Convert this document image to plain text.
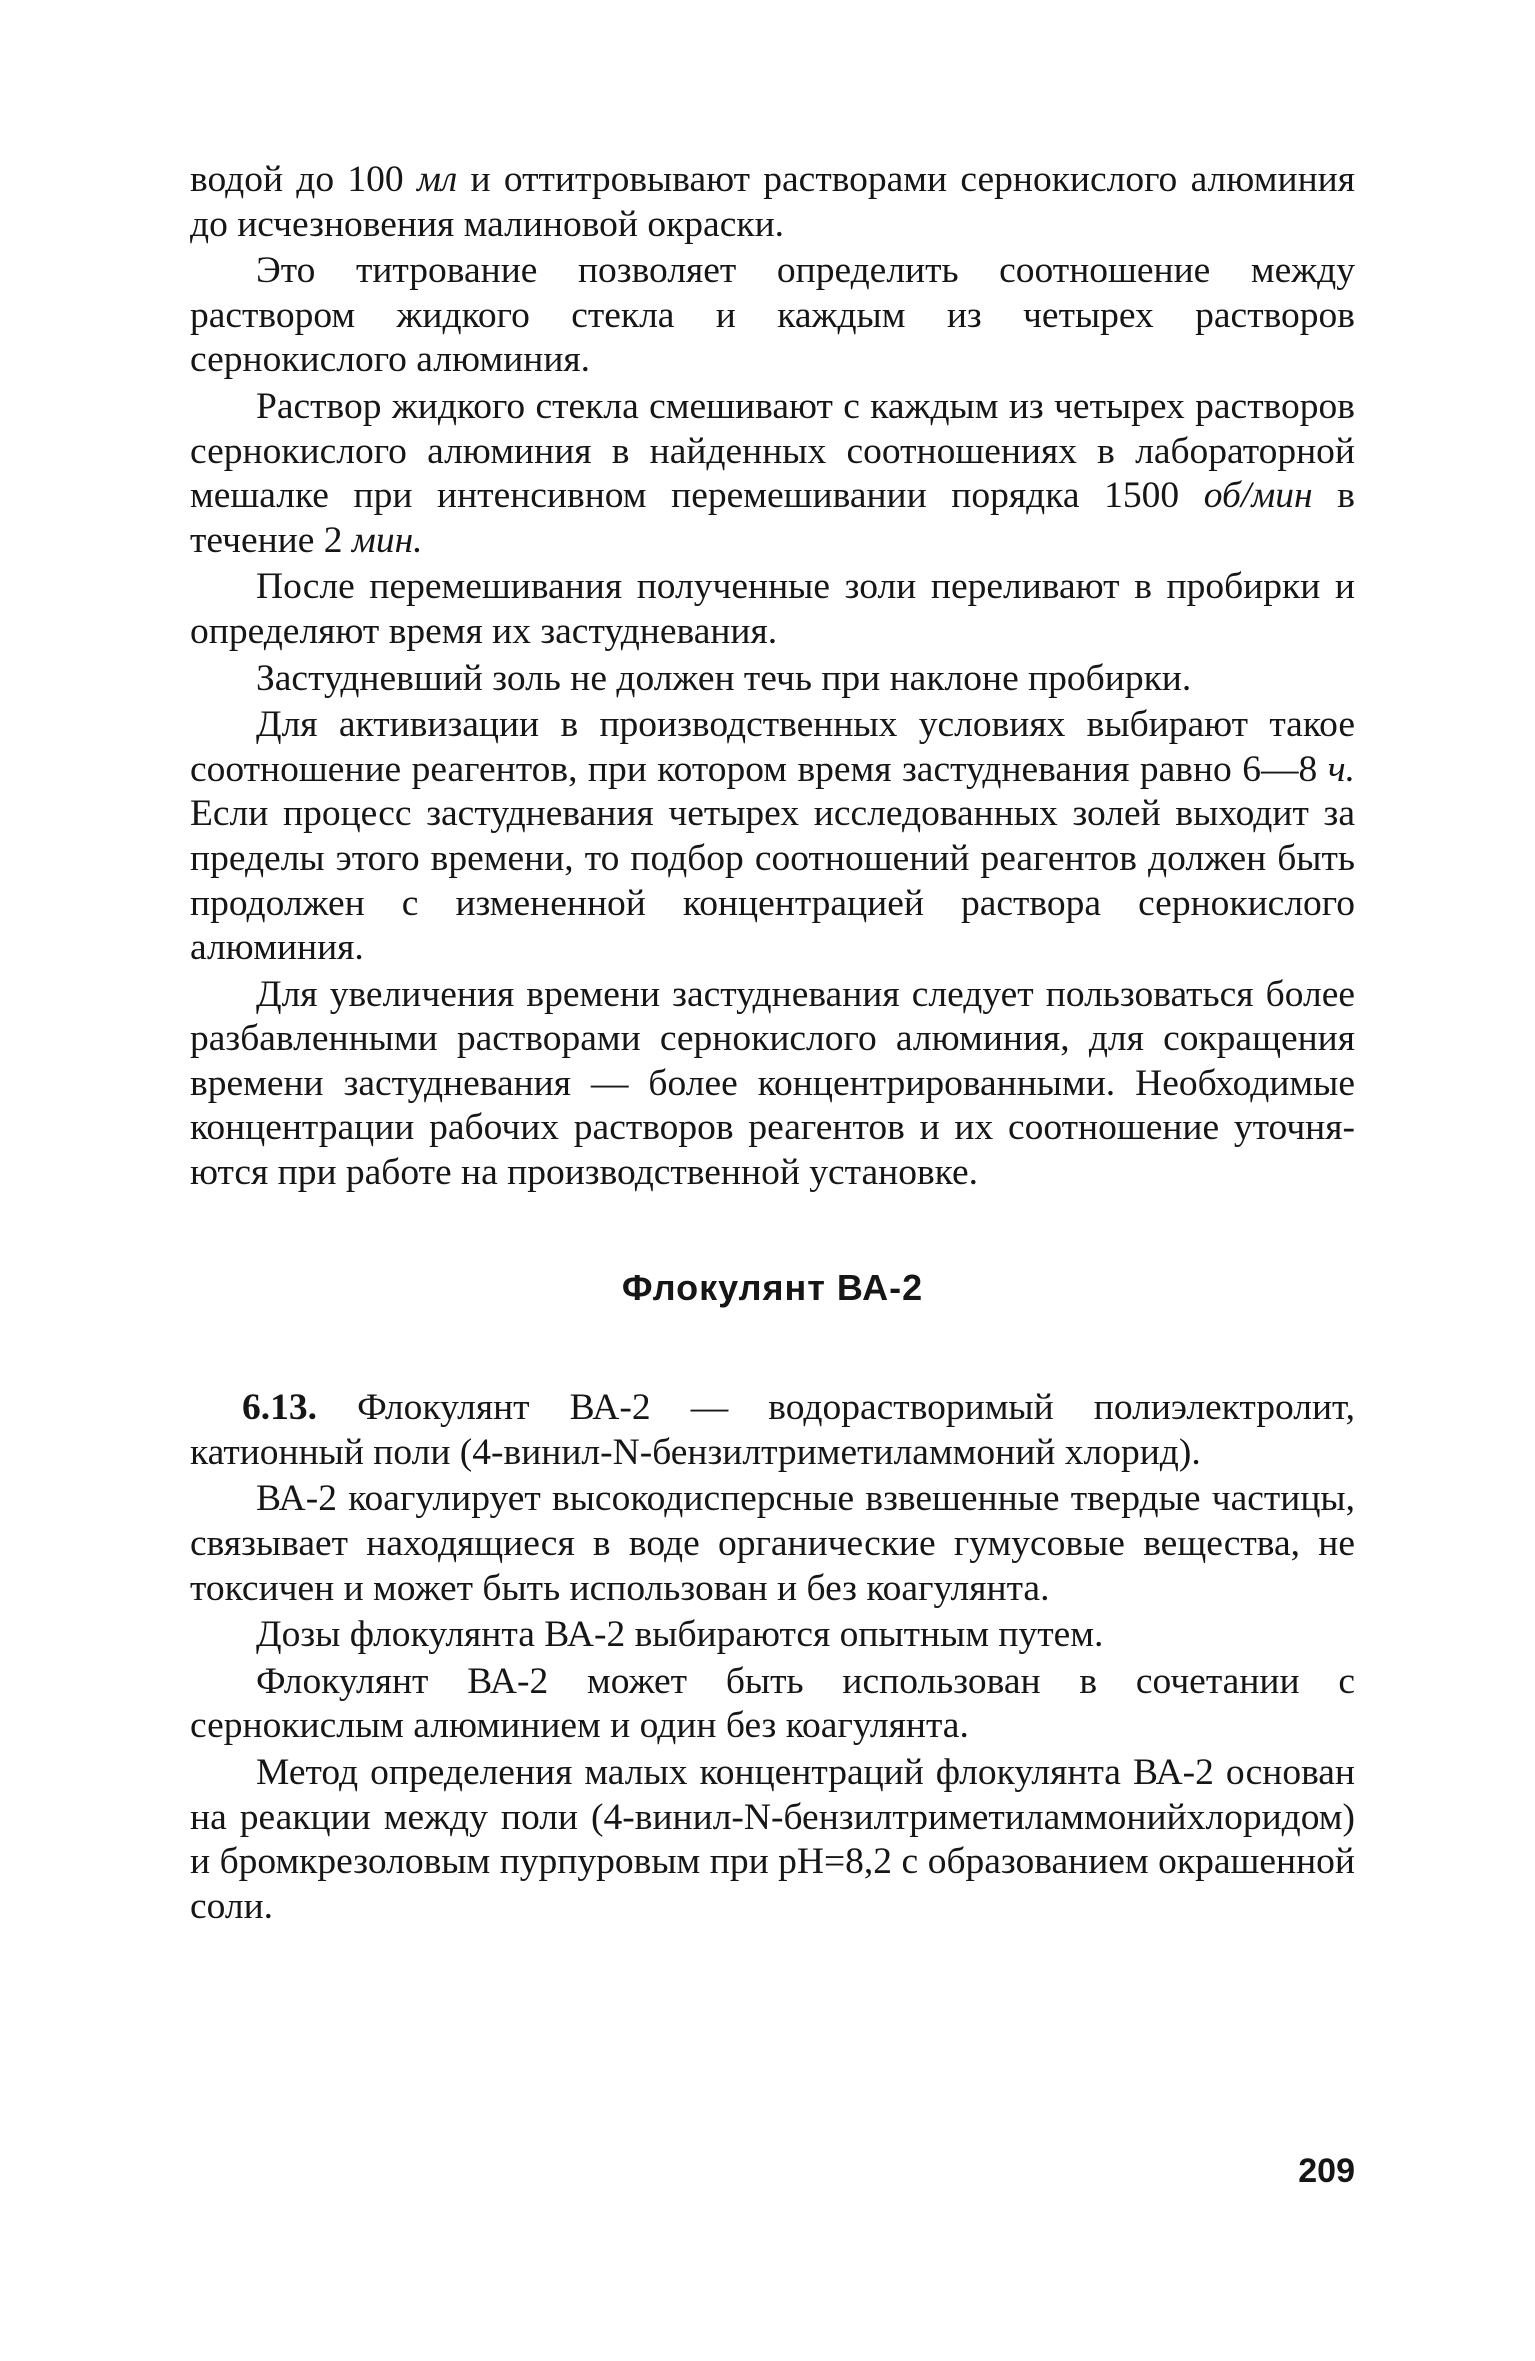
водой до 100 мл и оттитровывают растворами сернокислого алюминия до исчезновения малиновой окраски.

Это титрование позволяет определить соотношение между раствором жидкого стекла и каждым из четырех растворов сернокислого алюминия.

Раствор жидкого стекла смешивают с каждым из четырех растворов сернокислого алюминия в найденных соотношениях в лабораторной мешалке при интенсивном перемешивании порядка 1500 об/мин в течение 2 мин.

После перемешивания полученные золи переливают в пробирки и определяют время их застудневания.

Застудневший золь не должен течь при наклоне пробирки.

Для активизации в производственных условиях выбирают такое соотношение реагентов, при котором время застудневания равно 6—8 ч. Если процесс застудневания четырех исследованных золей выходит за пределы этого времени, то подбор соотношений реагентов должен быть продолжен с измененной концентрацией раствора сернокислого алюминия.

Для увеличения времени застудневания следует пользоваться более разбавленными растворами сернокислого алюминия, для сокращения времени застудневания — более концентрированными. Необходимые концентрации рабочих растворов реагентов и их соотношение уточняются при работе на производственной установке.

Флокулянт ВА-2

6.13. Флокулянт ВА-2 — водорастворимый полиэлектролит, катионный поли (4-винил-N-бензилтриметиламмоний хлорид).

ВА-2 коагулирует высокодисперсные взвешенные твердые частицы, связывает находящиеся в воде органические гумусовые вещества, не токсичен и может быть использован и без коагулянта.

Дозы флокулянта ВА-2 выбираются опытным путем.

Флокулянт ВА-2 может быть использован в сочетании с сернокислым алюминием и один без коагулянта.

Метод определения малых концентраций флокулянта ВА-2 основан на реакции между поли (4-винил-N-бензилтриметиламмонийхлоридом) и бромкрезоловым пурпуровым при pH=8,2 с образованием окрашенной соли.

209
